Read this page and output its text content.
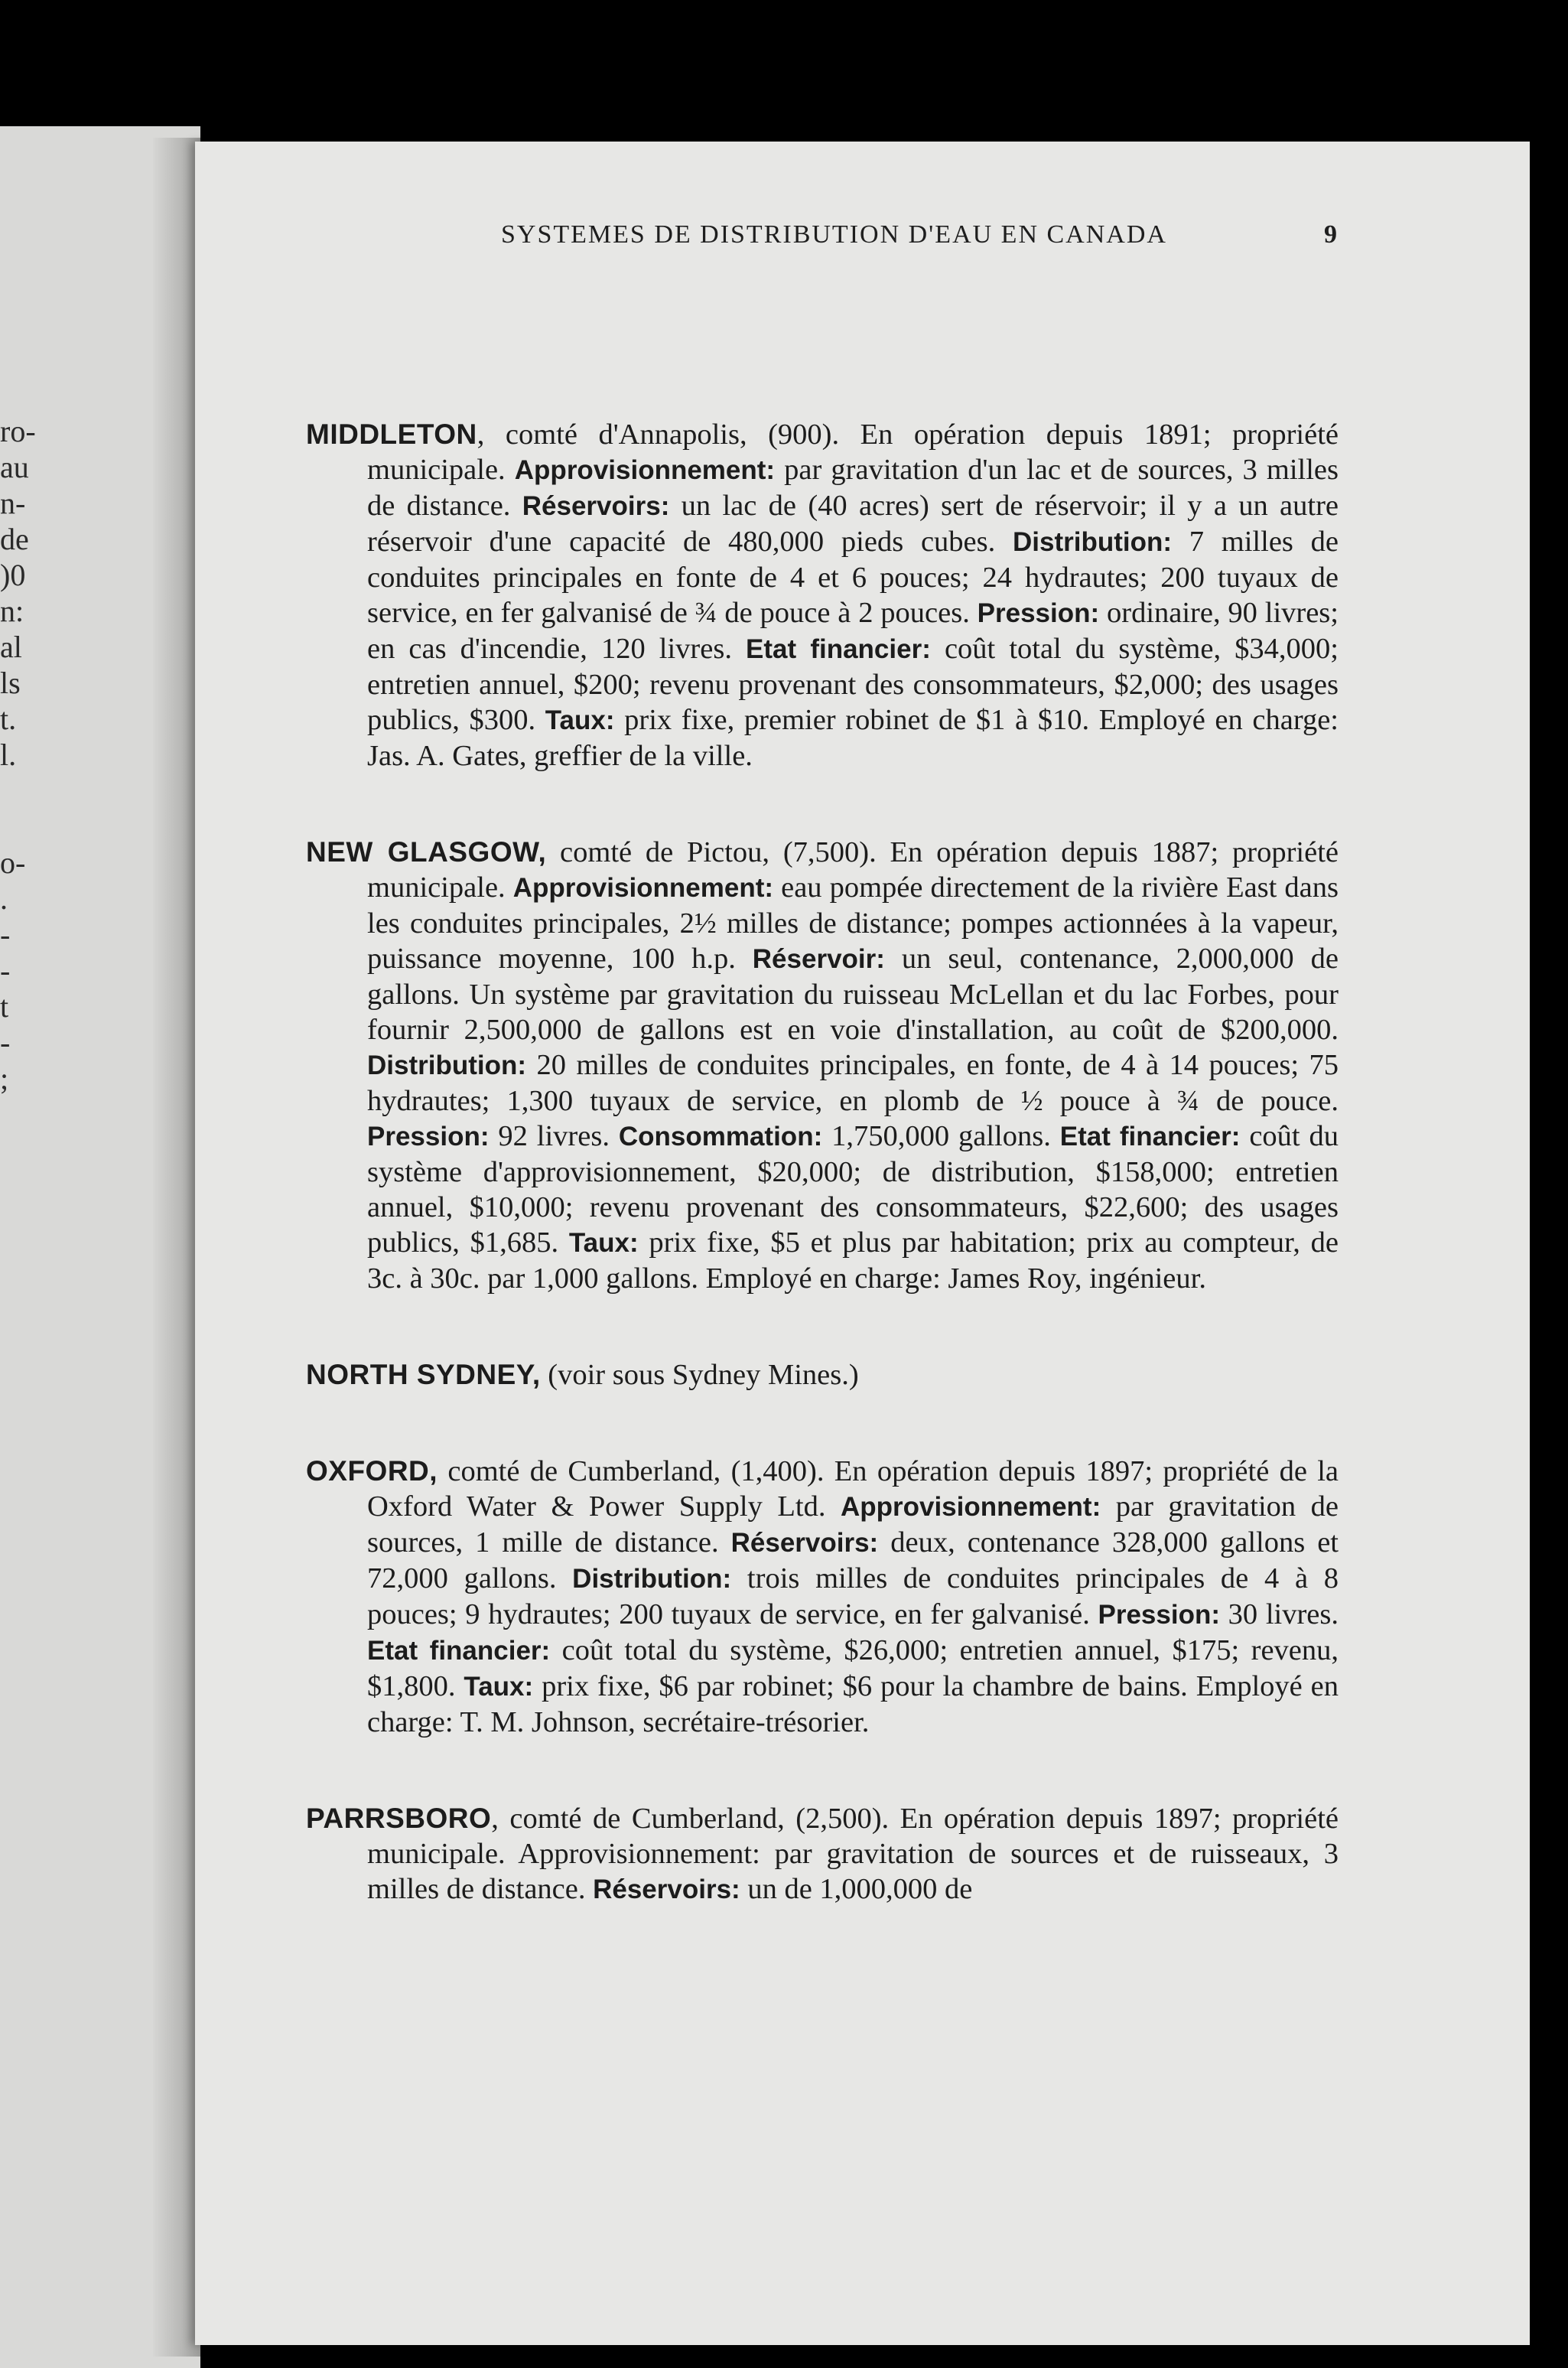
ro-
au
n-
de
)0
n:
al
ls
t.
l.

o-
.
-
-
t
-
;
SYSTEMES DE DISTRIBUTION D'EAU EN CANADA	9

MIDDLETON, comté d'Annapolis, (900). En opération depuis 1891; propriété municipale. Approvisionnement: par gravitation d'un lac et de sources, 3 milles de distance. Réservoirs: un lac de (40 acres) sert de réservoir; il y a un autre réservoir d'une capacité de 480,000 pieds cubes. Distribution: 7 milles de conduites principales en fonte de 4 et 6 pouces; 24 hydrautes; 200 tuyaux de service, en fer galvanisé de ¾ de pouce à 2 pouces. Pression: ordinaire, 90 livres; en cas d'incendie, 120 livres. Etat financier: coût total du système, $34,000; entretien annuel, $200; revenu provenant des consommateurs, $2,000; des usages publics, $300. Taux: prix fixe, premier robinet de $1 à $10. Employé en charge: Jas. A. Gates, greffier de la ville.

NEW GLASGOW, comté de Pictou, (7,500). En opération depuis 1887; propriété municipale. Approvisionnement: eau pompée directement de la rivière East dans les conduites principales, 2½ milles de distance; pompes actionnées à la vapeur, puissance moyenne, 100 h.p. Réservoir: un seul, contenance, 2,000,000 de gallons. Un système par gravitation du ruisseau McLellan et du lac Forbes, pour fournir 2,500,000 de gallons est en voie d'installation, au coût de $200,000. Distribution: 20 milles de conduites principales, en fonte, de 4 à 14 pouces; 75 hydrautes; 1,300 tuyaux de service, en plomb de ½ pouce à ¾ de pouce. Pression: 92 livres. Consommation: 1,750,000 gallons. Etat financier: coût du système d'approvisionnement, $20,000; de distribution, $158,000; entretien annuel, $10,000; revenu provenant des consommateurs, $22,600; des usages publics, $1,685. Taux: prix fixe, $5 et plus par habitation; prix au compteur, de 3c. à 30c. par 1,000 gallons. Employé en charge: James Roy, ingénieur.

NORTH SYDNEY, (voir sous Sydney Mines.)

OXFORD, comté de Cumberland, (1,400). En opération depuis 1897; propriété de la Oxford Water & Power Supply Ltd. Approvisionnement: par gravitation de sources, 1 mille de distance. Réservoirs: deux, contenance 328,000 gallons et 72,000 gallons. Distribution: trois milles de conduites principales de 4 à 8 pouces; 9 hydrautes; 200 tuyaux de service, en fer galvanisé. Pression: 30 livres. Etat financier: coût total du système, $26,000; entretien annuel, $175; revenu, $1,800. Taux: prix fixe, $6 par robinet; $6 pour la chambre de bains. Employé en charge: T. M. Johnson, secrétaire-trésorier.

PARRSBORO, comté de Cumberland, (2,500). En opération depuis 1897; propriété municipale. Approvisionnement: par gravitation de sources et de ruisseaux, 3 milles de distance. Réservoirs: un de 1,000,000 de
